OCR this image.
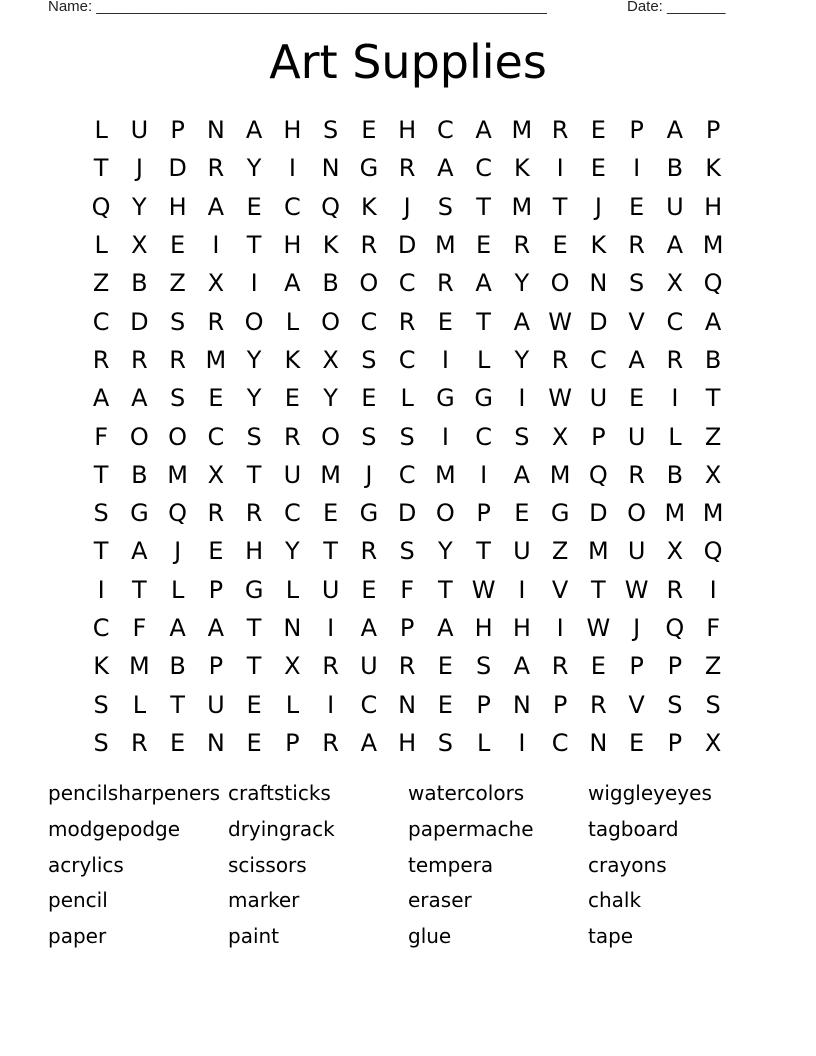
Name: ______________________________________________________	Date: _______
Art Supplies
L U P N A H S E H C A M R E P A P
T	J	D R Y	I	N G R A C K	I	E	I	B K
Q Y H A E C Q K	J	S T M T	J	E U H
L X E	I	T H K R D M E R E K R A M
Z B Z X	I	A B O C R A Y O N S X Q
C D S R O L O C R E T A W D V C A
R R R M Y K X S C	I	L	Y R C A R B
A A S E Y E Y E L G G	I W U E	I	T
F O O C S R O S S	I	C S X P U L Z
T B M X T U M	J	C M	I	A M Q R B X
S G Q R R C E G D O P E G D O M M
T A	J	E H Y T R S Y T U Z M U X Q
I	T	L	P G L U E F	T W I	V T W R	I
C F A A T N	I	A P A H H	I W J	Q F
K M B P T X R U R E S A R E P P Z
S L	T U E L	I	C N E P N P R V S S
S R E N E P R A H S L	I	C N E P X
pencilsharpeners craftsticks	watercolors	wiggleyeyes
modgepodge	dryingrack	papermache	tagboard
acrylics	scissors	tempera	crayons
pencil	marker	eraser	chalk
paper	paint	glue	tape
